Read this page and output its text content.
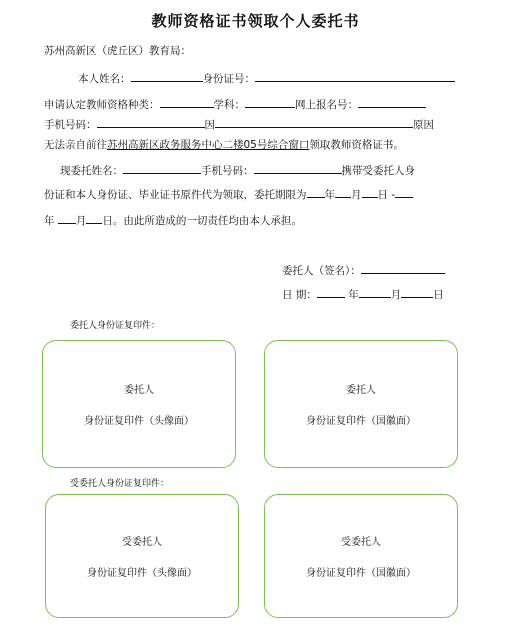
教师资格证书领取个人委托书
苏州高新区（虎丘区）教育局：
本人姓名：	身份证号：
申请认定教师资格种类：	学科：	网上报名号：
手机号码：	因	原因
无法亲自前往苏州高新区政务服务中心二楼05号综合窗口领取教师资格证书。
现委托姓名：	手机号码：	携带受委托人身
份证和本人身份证、毕业证书原件代为领取，委托期限为 年 月 日 -
年 月 日。由此所造成的一切责任均由本人承担。
委托人（签名）：
日 期：	年	月	日
委托人身份证复印件：
委托人
身份证复印件（头像面）
委托人
身份证复印件（国徽面）
受委托人身份证复印件：
受委托人
身份证复印件（头像面）
受委托人
身份证复印件（国徽面）
